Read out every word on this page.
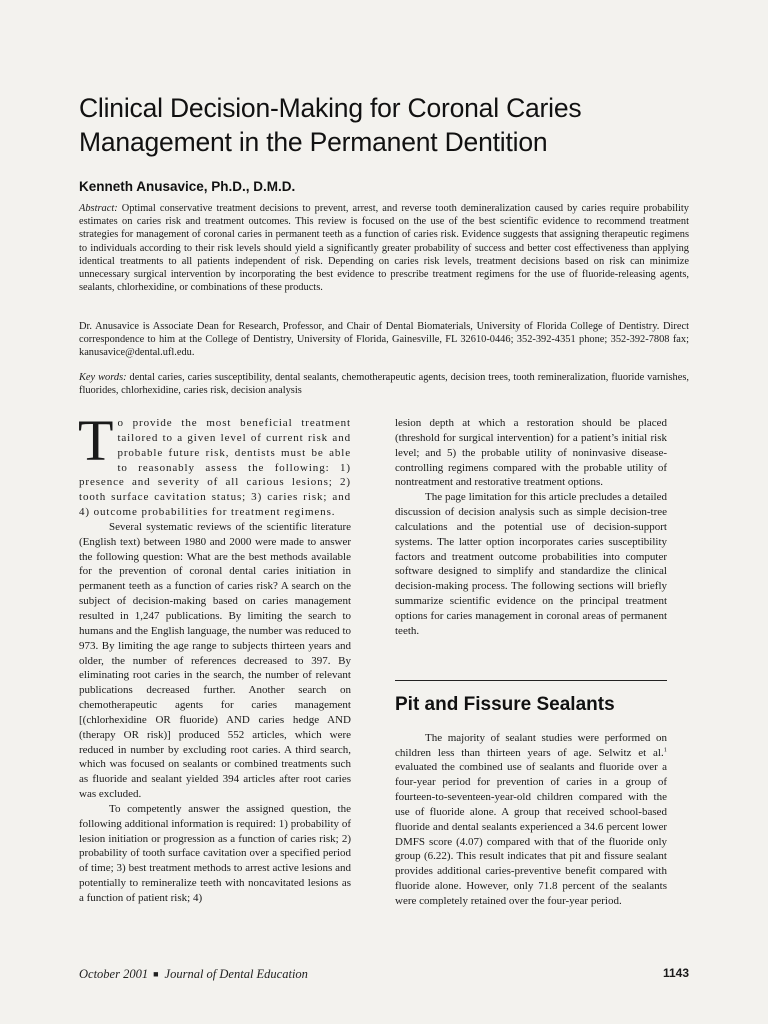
Clinical Decision-Making for Coronal Caries
Management in the Permanent Dentition
Kenneth Anusavice, Ph.D., D.M.D.

Abstract: Optimal conservative treatment decisions to prevent, arrest, and reverse tooth demineralization caused by caries require probability estimates on caries risk and treatment outcomes. This review is focused on the use of the best scientific evidence to recommend treatment strategies for management of coronal caries in permanent teeth as a function of caries risk. Evidence suggests that assigning therapeutic regimens to individuals according to their risk levels should yield a significantly greater probability of success and better cost effectiveness than applying identical treatments to all patients independent of risk. Depending on caries risk levels, treatment decisions based on risk can minimize unnecessary surgical intervention by incorporating the best evidence to prescribe treatment regimens for the use of fluoride-releasing agents, sealants, chlorhexidine, or combinations of these products.

Dr. Anusavice is Associate Dean for Research, Professor, and Chair of Dental Biomaterials, University of Florida College of Dentistry. Direct correspondence to him at the College of Dentistry, University of Florida, Gainesville, FL 32610-0446; 352-392-4351 phone; 352-392-7808 fax; kanusavice@dental.ufl.edu.

Key words: dental caries, caries susceptibility, dental sealants, chemotherapeutic agents, decision trees, tooth remineralization, fluoride varnishes, fluorides, chlorhexidine, caries risk, decision analysis

To provide the most beneficial treatment tailored to a given level of current risk and probable future risk, dentists must be able to reasonably assess the following: 1) presence and severity of all carious lesions; 2) tooth surface cavitation status; 3) caries risk; and 4) outcome probabilities for treatment regimens.

Several systematic reviews of the scientific literature (English text) between 1980 and 2000 were made to answer the following question: What are the best methods available for the prevention of coronal dental caries initiation in permanent teeth as a function of caries risk? A search on the subject of decision-making based on caries management resulted in 1,247 publications. By limiting the search to humans and the English language, the number was reduced to 973. By limiting the age range to subjects thirteen years and older, the number of references decreased to 397. By eliminating root caries in the search, the number of relevant publications decreased further. Another search on chemotherapeutic agents for caries management [(chlorhexidine OR fluoride) AND caries hedge AND (therapy OR risk)] produced 552 articles, which were reduced in number by excluding root caries. A third search, which was focused on sealants or combined treatments such as fluoride and sealant yielded 394 articles after root caries was excluded.

To competently answer the assigned question, the following additional information is required: 1) probability of lesion initiation or progression as a function of caries risk; 2) probability of tooth surface cavitation over a specified period of time; 3) best treatment methods to arrest active lesions and potentially to remineralize teeth with noncavitated lesions as a function of patient risk; 4)

lesion depth at which a restoration should be placed (threshold for surgical intervention) for a patient’s initial risk level; and 5) the probable utility of noninvasive disease-controlling regimens compared with the probable utility of nontreatment and restorative treatment options.

The page limitation for this article precludes a detailed discussion of decision analysis such as simple decision-tree calculations and the potential use of decision-support systems. The latter option incorporates caries susceptibility factors and treatment outcome probabilities into computer software designed to simplify and standardize the clinical decision-making process. The following sections will briefly summarize scientific evidence on the principal treatment options for caries management in coronal areas of permanent teeth.

Pit and Fissure Sealants

The majority of sealant studies were performed on children less than thirteen years of age. Selwitz et al.$^1$ evaluated the combined use of sealants and fluoride over a four-year period for prevention of caries in a group of fourteen-to-seventeen-year-old children compared with the use of fluoride alone. A group that received school-based fluoride and dental sealants experienced a 34.6 percent lower DMFS score (4.07) compared with that of the fluoride only group (6.22). This result indicates that pit and fissure sealant provides additional caries-preventive benefit compared with fluoride alone. However, only 71.8 percent of the sealants were completely retained over the four-year period.

October 2001 ■ Journal of Dental Education	1143
